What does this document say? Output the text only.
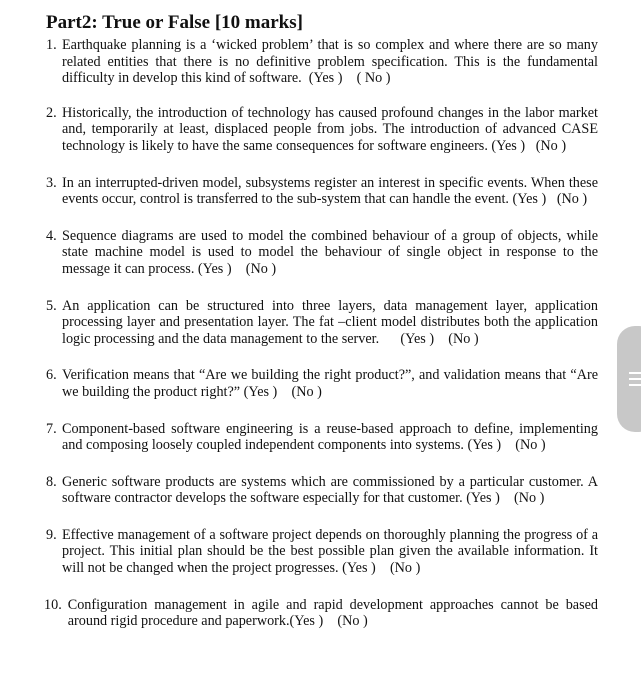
Part2: True or False [10 marks]
1. Earthquake planning is a ‘wicked problem’ that is so complex and where there are so many related entities that there is no definitive problem specification. This is the fundamental difficulty in develop this kind of software. (Yes ) ( No )
2. Historically, the introduction of technology has caused profound changes in the labor market and, temporarily at least, displaced people from jobs. The introduction of advanced CASE technology is likely to have the same consequences for software engineers. (Yes ) (No )
3. In an interrupted-driven model, subsystems register an interest in specific events. When these events occur, control is transferred to the sub-system that can handle the event. (Yes ) (No )
4. Sequence diagrams are used to model the combined behaviour of a group of objects, while state machine model is used to model the behaviour of single object in response to the message it can process. (Yes ) (No )
5. An application can be structured into three layers, data management layer, application processing layer and presentation layer. The fat –client model distributes both the application logic processing and the data management to the server. (Yes ) (No )
6. Verification means that “Are we building the right product?”, and validation means that “Are we building the product right?” (Yes ) (No )
7. Component-based software engineering is a reuse-based approach to define, implementing and composing loosely coupled independent components into systems. (Yes ) (No )
8. Generic software products are systems which are commissioned by a particular customer. A software contractor develops the software especially for that customer. (Yes ) (No )
9. Effective management of a software project depends on thoroughly planning the progress of a project. This initial plan should be the best possible plan given the available information. It will not be changed when the project progresses. (Yes ) (No )
10. Configuration management in agile and rapid development approaches cannot be based around rigid procedure and paperwork.(Yes ) (No )
